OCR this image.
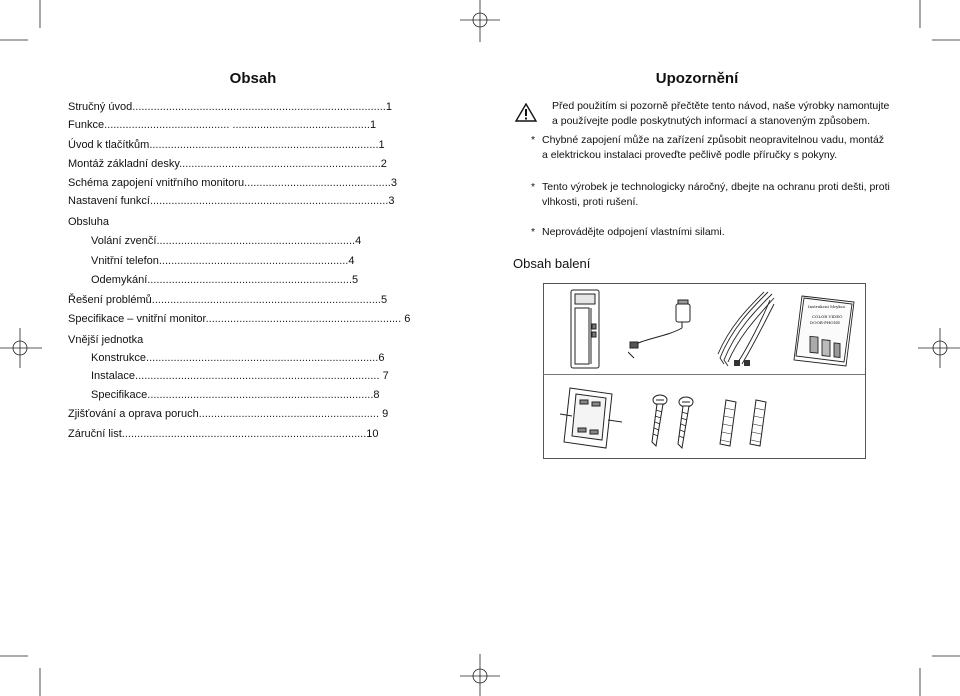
Obsah
Stručný úvod...................................................................................1
Funkce......................................... .............................................1
Úvod k tlačítkům...........................................................................1
Montáž základní desky..................................................................2
Schéma zapojení vnitřního monitoru................................................3
Nastavení funkcí..............................................................................3
Obsluha
Volání zvenčí.................................................................4
Vnitřní telefon..............................................................4
Odemykání...................................................................5
Řešení problémů...........................................................................5
Specifikace – vnitřní monitor................................................................ 6
Vnější jednotka
Konstrukce............................................................................6
Instalace................................................................................ 7
Specifikace..........................................................................8
Zjišťování a oprava poruch........................................................... 9
Záruční list................................................................................10
Upozornění
Před použitím si pozorně přečtěte tento návod, naše výrobky namontujte
a používejte podle poskytnutých informací a stanoveným způsobem.
* Chybné zapojení může na zařízení způsobit neopravitelnou vadu, montáž
a elektrickou instalaci proveďte pečlivě podle příručky s pokyny.
* Tento výrobek je technologicky náročný, dbejte na ochranu proti dešti, proti
vlhkosti, proti rušení.
* Neprovádějte odpojení vlastními silami.
Obsah balení
Instrukcni Mrykco
COLOR VIDEO
DOOR-PHONE
